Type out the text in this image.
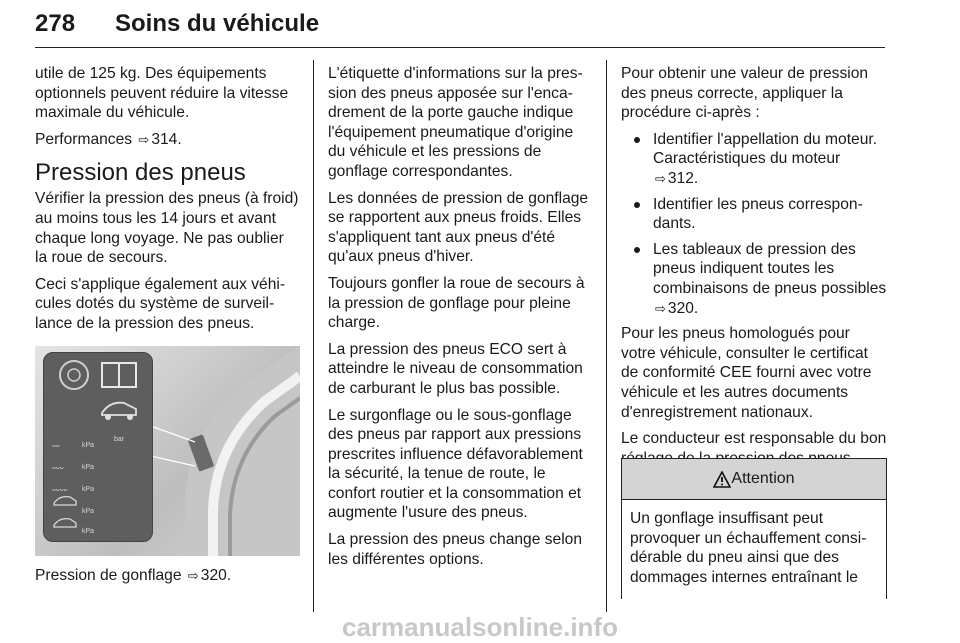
278 Soins du véhicule

utile de 125 kg. Des équipements optionnels peuvent réduire la vitesse maximale du véhicule.

Performances ⇨ 314.

Pression des pneus

Vérifier la pression des pneus (à froid) au moins tous les 14 jours et avant chaque long voyage. Ne pas oublier la roue de secours.

Ceci s'applique également aux véhicules dotés du système de surveillance de la pression des pneus.

ᴗᴗ	kPa
bar
ᴗᴗᴗ	kPa
ᴗᴗᴗᴗ kPa
kPa
kPa

Pression de gonflage ⇨ 320.

L'étiquette d'informations sur la pression des pneus apposée sur l'encadrement de la porte gauche indique l'équipement pneumatique d'origine du véhicule et les pressions de gonflage correspondantes.

Les données de pression de gonflage se rapportent aux pneus froids. Elles s'appliquent tant aux pneus d'été qu'aux pneus d'hiver.

Toujours gonfler la roue de secours à la pression de gonflage pour pleine charge.

La pression des pneus ECO sert à atteindre le niveau de consommation de carburant le plus bas possible.

Le surgonflage ou le sous-gonflage des pneus par rapport aux pressions prescrites influence défavorablement la sécurité, la tenue de route, le confort routier et la consommation et augmente l'usure des pneus.

La pression des pneus change selon les différentes options.

Pour obtenir une valeur de pression des pneus correcte, appliquer la procédure ci-après :

Identifier l'appellation du moteur. Caractéristiques du moteur
⇨ 312.
Identifier les pneus correspondants.
Les tableaux de pression des pneus indiquent toutes les combinaisons de pneus possibles ⇨ 320.

Pour les pneus homologués pour votre véhicule, consulter le certificat de conformité CEE fourni avec votre véhicule et les autres documents d'enregistrement nationaux.

Le conducteur est responsable du bon

Attention
Un gonflage insuffisant peut provoquer un échauffement considérable du pneu ainsi que des dommages internes entraînant le
carmanualsonline.info
